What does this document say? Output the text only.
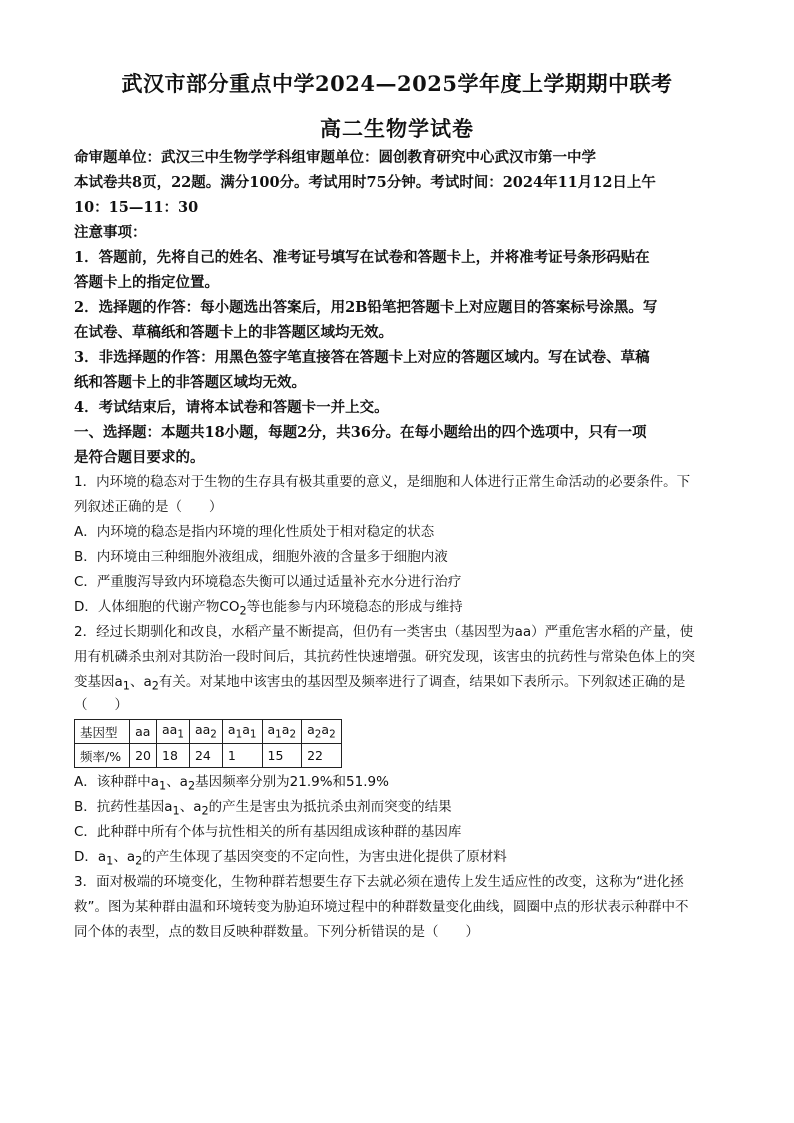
武汉市部分重点中学2024—2025学年度上学期期中联考
高二生物学试卷
命审题单位：武汉三中生物学学科组审题单位：圆创教育研究中心武汉市第一中学
本试卷共8页，22题。满分100分。考试用时75分钟。考试时间：2024年11月12日上午
10：15—11：30
注意事项：
1．答题前，先将自己的姓名、准考证号填写在试卷和答题卡上，并将准考证号条形码贴在
答题卡上的指定位置。
2．选择题的作答：每小题选出答案后，用2B铅笔把答题卡上对应题目的答案标号涂黑。写
在试卷、草稿纸和答题卡上的非答题区域均无效。
3．非选择题的作答：用黑色签字笔直接答在答题卡上对应的答题区域内。写在试卷、草稿
纸和答题卡上的非答题区域均无效。
4．考试结束后，请将本试卷和答题卡一并上交。
一、选择题：本题共18小题，每题2分，共36分。在每小题给出的四个选项中，只有一项
是符合题目要求的。
1．内环境的稳态对于生物的生存具有极其重要的意义，是细胞和人体进行正常生命活动的必要条件。下
列叙述正确的是（　　）
A．内环境的稳态是指内环境的理化性质处于相对稳定的状态
B．内环境由三种细胞外液组成，细胞外液的含量多于细胞内液
C．严重腹泻导致内环境稳态失衡可以通过适量补充水分进行治疗
D．人体细胞的代谢产物$CO_2$等也能参与内环境稳态的形成与维持
2．经过长期驯化和改良，水稻产量不断提高，但仍有一类害虫（基因型为aa）严重危害水稻的产量，使
用有机磷杀虫剂对其防治一段时间后，其抗药性快速增强。研究发现，该害虫的抗药性与常染色体上的突
变基因$a_1$、$a_2$有关。对某地中该害虫的基因型及频率进行了调查，结果如下表所示。下列叙述正确的是
（　　）
基因型	aa	$aa_1$	$aa_2$	$a_1a_1$	$a_1a_2$	$a_2a_2$
频率/%	20	18	24	1	15	22
A．该种群中$a_1$、$a_2$基因频率分别为21.9%和51.9%
B．抗药性基因$a_1$、$a_2$的产生是害虫为抵抗杀虫剂而突变的结果
C．此种群中所有个体与抗性相关的所有基因组成该种群的基因库
D．$a_1$、$a_2$的产生体现了基因突变的不定向性，为害虫进化提供了原材料
3．面对极端的环境变化，生物种群若想要生存下去就必须在遗传上发生适应性的改变，这称为“进化拯
救”。图为某种群由温和环境转变为胁迫环境过程中的种群数量变化曲线，圆圈中点的形状表示种群中不
同个体的表型，点的数目反映种群数量。下列分析错误的是（　　）
